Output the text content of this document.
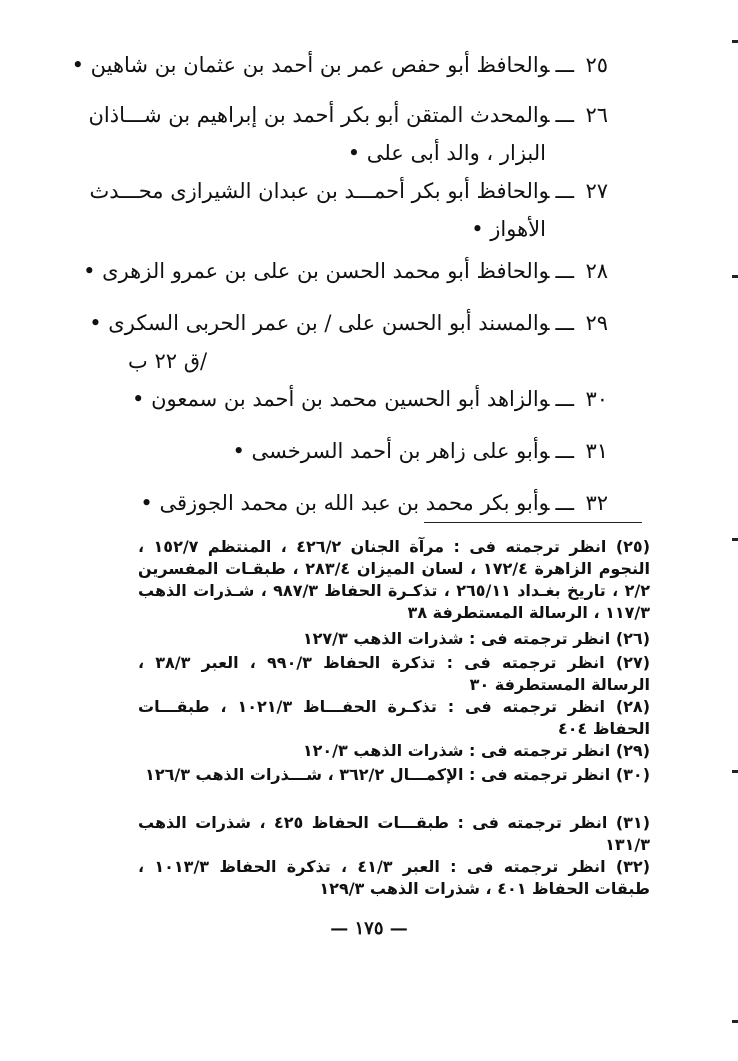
٢٥ـــوالحافظ أبو حفص عمر بن أحمد بن عثمان بن شاهين •
٢٦ـــوالمحدث المتقن أبو بكر أحمد بن إبراهيم بن شـــاذان
البزار ، والد أبى على •
٢٧ـــوالحافظ أبو بكر أحمـــد بن عبدان الشيرازى محـــدث
الأهواز •
٢٨ـــوالحافظ أبو محمد الحسن بن على بن عمرو الزهرى •
٢٩ـــوالمسند أبو الحسن على / بن عمر الحربى السكرى •
/ق ٢٢ ب
٣٠ـــوالزاهد أبو الحسين محمد بن أحمد بن سمعون •
٣١ـــوأبو على زاهر بن أحمد السرخسى •
٣٢ـــوأبو بكر محمد بن عبد الله بن محمد الجوزقى •
(٢٥) انظر ترجمته فى : مرآة الجنان ٤٢٦/٢ ، المنتظم ١٥٢/٧ ، النجوم الزاهرة ١٧٢/٤ ، لسان الميزان ٢٨٣/٤ ، طبقـات المفسرين ٢/٢ ، تاريخ بغـداد ٢٦٥/١١ ، تذكـرة الحفاظ ٩٨٧/٣ ، شـذرات الذهب ١١٧/٣ ، الرسالة المستطرفة ٣٨
(٢٦) انظر ترجمته فى : شذرات الذهب ١٢٧/٣
(٢٧) انظر ترجمته فى : تذكرة الحفاظ ٩٩٠/٣ ، العبر ٣٨/٣ ، الرسالة المستطرفة ٣٠
(٢٨) انظر ترجمته فى : تذكـرة الحفـــاظ ١٠٢١/٣ ، طبقـــات الحفاظ ٤٠٤
(٢٩) انظر ترجمته فى : شذرات الذهب ١٢٠/٣
(٣٠) انظر ترجمته فى : الإكمـــال ٣٦٢/٢ ، شـــذرات الذهب ١٢٦/٣
(٣١) انظر ترجمته فى : طبقـــات الحفاظ ٤٢٥ ، شذرات الذهب ١٣١/٣
(٣٢) انظر ترجمته فى : العبر ٤١/٣ ، تذكرة الحفاظ ١٠١٣/٣ ، طبقات الحفاظ ٤٠١ ، شذرات الذهب ١٢٩/٣
— ١٧٥ —
